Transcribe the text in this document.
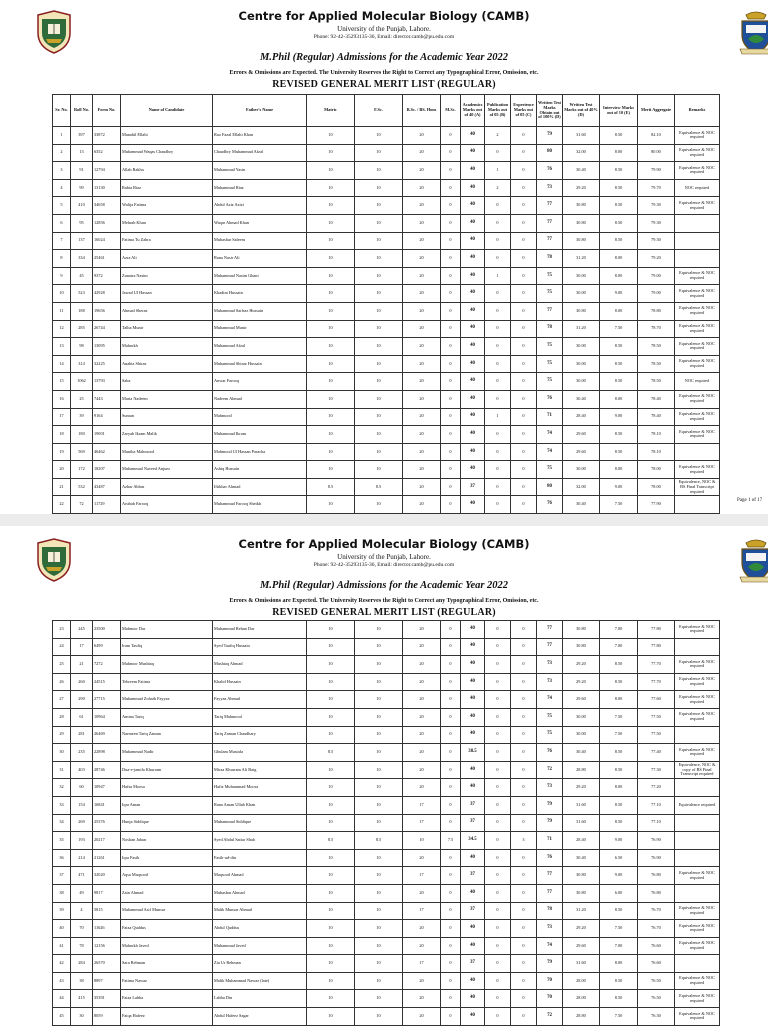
Centre for Applied Molecular Biology (CAMB)
University of the Punjab, Lahore.
Phone: 92-42-35293135-36, Email: director.camb@pu.edu.com
M.Phil (Regular) Admissions for the Academic Year 2022
Errors & Omissions are Expected. The University Reserves the Right to Correct any Typographical Error, Omission, etc.
REVISED GENERAL MERIT LIST (REGULAR)
Sr. No.	Roll No.	Form No.	Name of Candidate	Father's Name	Matric	F.Sc.	B.Sc. / BS. Hons	M.Sc.	Academics Marks out of 40 (A)	Publication Marks out of 05 (B)	Experience Marks out of 05 (C)	Written Test Marks Obtain out of 100% (D)	Written Test Marks out of 40% (D)	Interview Marks out of 10 (E)	Merit Aggregate	Remarks
1	397	33872	Manahil Ellahi	Rao Fazal Ellahi Khan	10	10	20	0	40	2	0	79	31.60	8.50	82.10	Equivalence & NOC required
2	13	6352	Muhammad Waqas Chaudhry	Chaudhry Muhammad Afzal	10	10	20	0	40	0	0	80	32.00	8.00	80.00	Equivalence & NOC required
3	91	12794	Allah Rakha	Muhammad Yasin	10	10	20	0	40	1	0	76	30.40	8.50	79.90	Equivalence & NOC required
4	99	13130	Rabia Riaz	Muhammad Riaz	10	10	20	0	40	2	0	73	29.20	8.50	79.70	NOC required
5	410	34658	Walija Fatima	Abdul Aziz Azizi	10	10	20	0	40	0	0	77	30.80	8.50	79.30	Equivalence & NOC required
6	95	12856	Mehrab Khan	Waqar Ahmad Khan	10	10	20	0	40	0	0	77	30.80	8.50	79.30	
7	137	16024	Fatima Tu Zahra	Mubashar Saleem	10	10	20	0	40	0	0	77	30.80	8.50	79.30	
8	334	25461	Azra Ali	Rana Nasir Ali	10	10	20	0	40	0	0	78	31.20	8.00	79.20	
9	45	9372	Zunaira Nasim	Muhammad Nasim Ghani	10	10	20	0	40	1	0	75	30.00	8.00	79.00	Equivalence & NOC required
10	523	42928	Jawad Ul Hassan	Khadim Hussain	10	10	20	0	40	0	0	75	30.00	9.00	79.00	Equivalence & NOC required
11	188	19656	Ahmad Sheraz	Muhammad Sarfraz Hussain	10	10	20	0	40	0	0	77	30.80	8.00	78.80	Equivalence & NOC required
12	285	26744	Talha Munir	Muhammad Munir	10	10	20	0	40	0	0	78	31.20	7.50	78.70	Equivalence & NOC required
13	98	13095	Mahrukh	Muhammad Afzal	10	10	20	0	40	0	0	75	30.00	8.50	78.50	Equivalence & NOC required
14	314	32225	Anabia Shiraz	Muhammad Shiraz Hussain	10	10	20	0	40	0	0	75	30.00	8.50	78.50	Equivalence & NOC required
15	1062	13793	Saba	Anwar Farooq	10	10	20	0	40	0	0	75	30.00	8.50	78.50	NOC required
16	25	7443	Maria Nadeem	Nadeem Ahmad	10	10	20	0	40	0	0	76	30.40	8.00	78.40	Equivalence & NOC required
17	39	9164	Suman	Mahmood	10	10	20	0	40	1	0	71	28.40	9.00	78.40	Equivalence & NOC required
18	180	19001	Zaryab Ikram Malik	Muhammad Ikram	10	10	20	0	40	0	0	74	29.60	8.50	78.10	Equivalence & NOC required
19	569	46462	Muniba Mahmood	Mahmood Ul Hassan Paracha	10	10	20	0	40	0	0	74	29.60	8.50	78.10	
20	172	18207	Muhammad Naveed Anjum	Ashiq Hussain	10	10	20	0	40	0	0	75	30.00	8.00	78.00	Equivalence & NOC required
21	532	43487	Azhar Abbas	Iftikhar Ahmad	8.5	8.5	20	0	37	0	0	80	32.00	9.00	78.00	Equivalence, NOC & BS Final Transcript required
22	72	11729	Arubah Farooq	Muhammad Farooq Sheikh	10	10	20	0	40	0	0	76	30.40	7.50	77.90	
Page 1 of 17
Centre for Applied Molecular Biology (CAMB)
University of the Punjab, Lahore.
Phone: 92-42-35293135-36, Email: director.camb@pu.edu.com
M.Phil (Regular) Admissions for the Academic Year 2022
Errors & Omissions are Expected. The University Reserves the Right to Correct any Typographical Error, Omission, etc.
REVISED GENERAL MERIT LIST (REGULAR)
23	245	23500	Mahnoor Dar	Muhammad Rehan Dar	10	10	20	0	40	0	0	77	30.80	7.00	77.80	Equivalence & NOC required
24	17	6499	Iram Taufiq	Syed Taufiq Hussain	10	10	20	0	40	0	0	77	30.80	7.00	77.80	
25	21	7272	Mahnoor Mushtaq	Mushtaq Ahmad	10	10	20	0	40	0	0	73	29.20	8.50	77.70	Equivalence & NOC required
26	260	24515	Tehreem Fatima	Khalid Hussain	10	10	20	0	40	0	0	73	29.20	8.50	77.70	Equivalence & NOC required
27	290	27715	Muhammad Zohaib Fayyaz	Fayyaz Ahmad	10	10	20	0	40	0	0	74	29.60	8.00	77.60	Equivalence & NOC required
28	61	10964	Amina Tariq	Tariq Mahmood	10	10	20	0	40	0	0	75	30.00	7.50	77.50	Equivalence & NOC required
29	281	26469	Narmeen Tariq Zaman	Tariq Zaman Chaudhary	10	10	20	0	40	0	0	75	30.00	7.50	77.50	
30	235	22898	Muhammad Nadir	Ghulam Mustafa	8.5	10	20	0	38.5	0	0	76	30.40	8.50	77.40	Equivalence & NOC required
31	403	28746	Dua-e-jamila Khurram	Mirza Khurram Ali Baig	10	10	20	0	40	0	0	72	28.80	8.50	77.30	Equivalence, NOC & copy of BS Final Transcript required
32	60	10947	Hafsa Moosa	Hafiz Muhammad Moosa	10	10	20	0	40	0	0	73	29.20	8.00	77.20	
33	154	16841	Iqra Aman	Rana Aman Ullah Khan	10	10	17	0	37	0	0	79	31.60	8.50	77.10	Equivalence required
34	269	25376	Hunja Siddique	Muhammad Siddique	10	10	17	0	37	0	0	79	31.60	8.50	77.10	
35	193	20217	Noshan Jahan	Syed Abdul Sattar Shah	8.5	8.5	10	7.5	34.5	0	3	71	28.40	9.00	76.90	
36	214	21261	Iqra Fasih	Fasih-ud-din	10	10	20	0	40	0	0	76	30.40	6.50	76.90	
37	471	32020	Aqsa Maqsood	Maqsood Ahmad	10	10	17	0	37	0	0	77	30.80	9.00	76.80	Equivalence & NOC required
38	49	9817	Zain Ahmad	Mubashar Ahmad	10	10	20	0	40	0	0	77	30.80	6.00	76.80	
39	4	5815	Muhammad Asif Munsar	Malik Munsar Ahmad	10	10	17	0	37	0	0	78	31.20	8.50	76.70	Equivalence & NOC required
40	70	11626	Faiza Quddus	Abdul Quddus	10	10	20	0	40	0	0	73	29.20	7.50	76.70	Equivalence & NOC required
41	78	12156	Mahrukh Javed	Muhammad Javed	10	10	20	0	40	0	0	74	29.60	7.00	76.60	Equivalence & NOC required
42	284	26570	Sara Rehman	Zia Ur Rehman	10	10	17	0	37	0	0	79	31.60	8.00	76.60	
43	38	8897	Fatima Nawaz	Malik Muhammad Nawaz (late)	10	10	20	0	40	0	0	70	28.00	8.50	76.50	Equivalence & NOC required
44	415	35391	Faiza Labha	Labha Din	10	10	20	0	40	0	0	70	28.00	8.50	76.50	Equivalence & NOC required
45	30	8059	Faiqa Hafeez	Abdul Hafeez Sagar	10	10	20	0	40	0	0	72	28.80	7.50	76.30	Equivalence & NOC required
